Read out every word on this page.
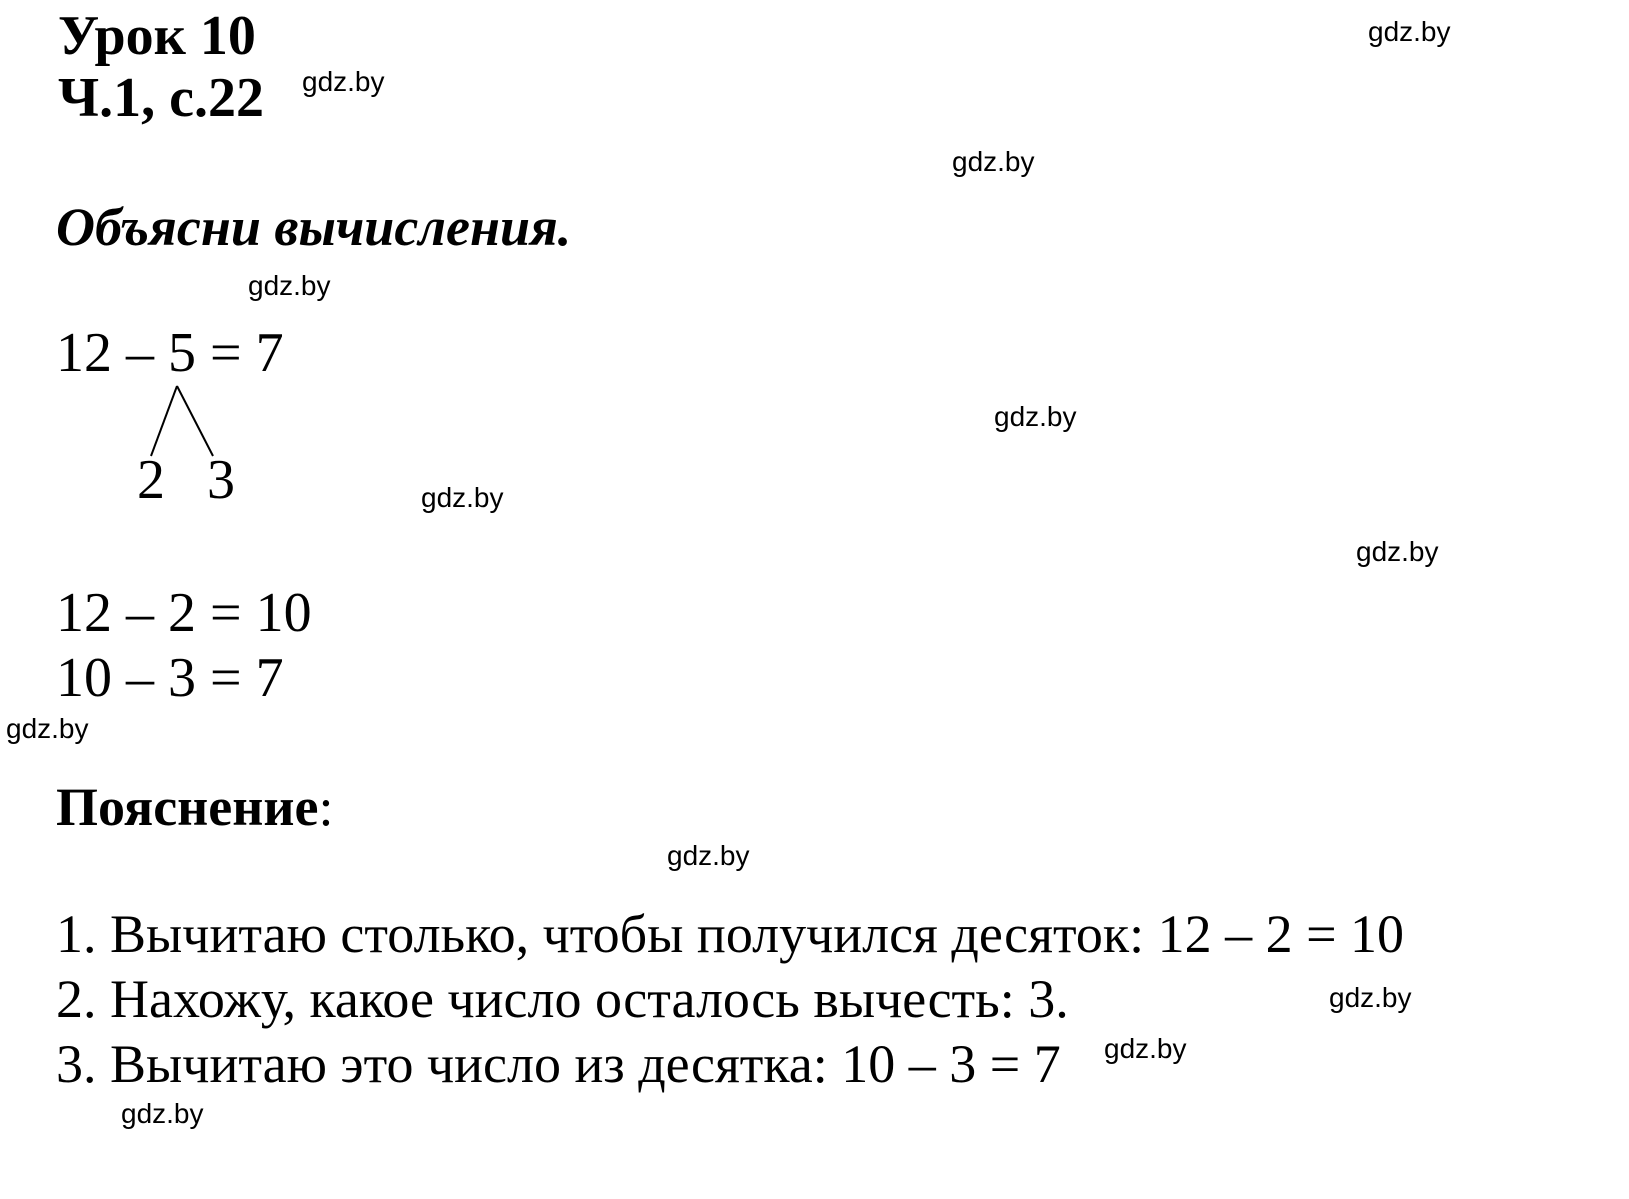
Урок 10
Ч.1, с.22
Объясни вычисления.
12 – 5 = 7
2 3
12 – 2 = 10
10 – 3 = 7
Пояснение:
1. Вычитаю столько, чтобы получился десяток: 12 – 2 = 10
2. Нахожу, какое число осталось вычесть: 3.
3. Вычитаю это число из десятка: 10 – 3 = 7
gdz.by
gdz.by
gdz.by
gdz.by
gdz.by
gdz.by
gdz.by
gdz.by
gdz.by
gdz.by
gdz.by
gdz.by
